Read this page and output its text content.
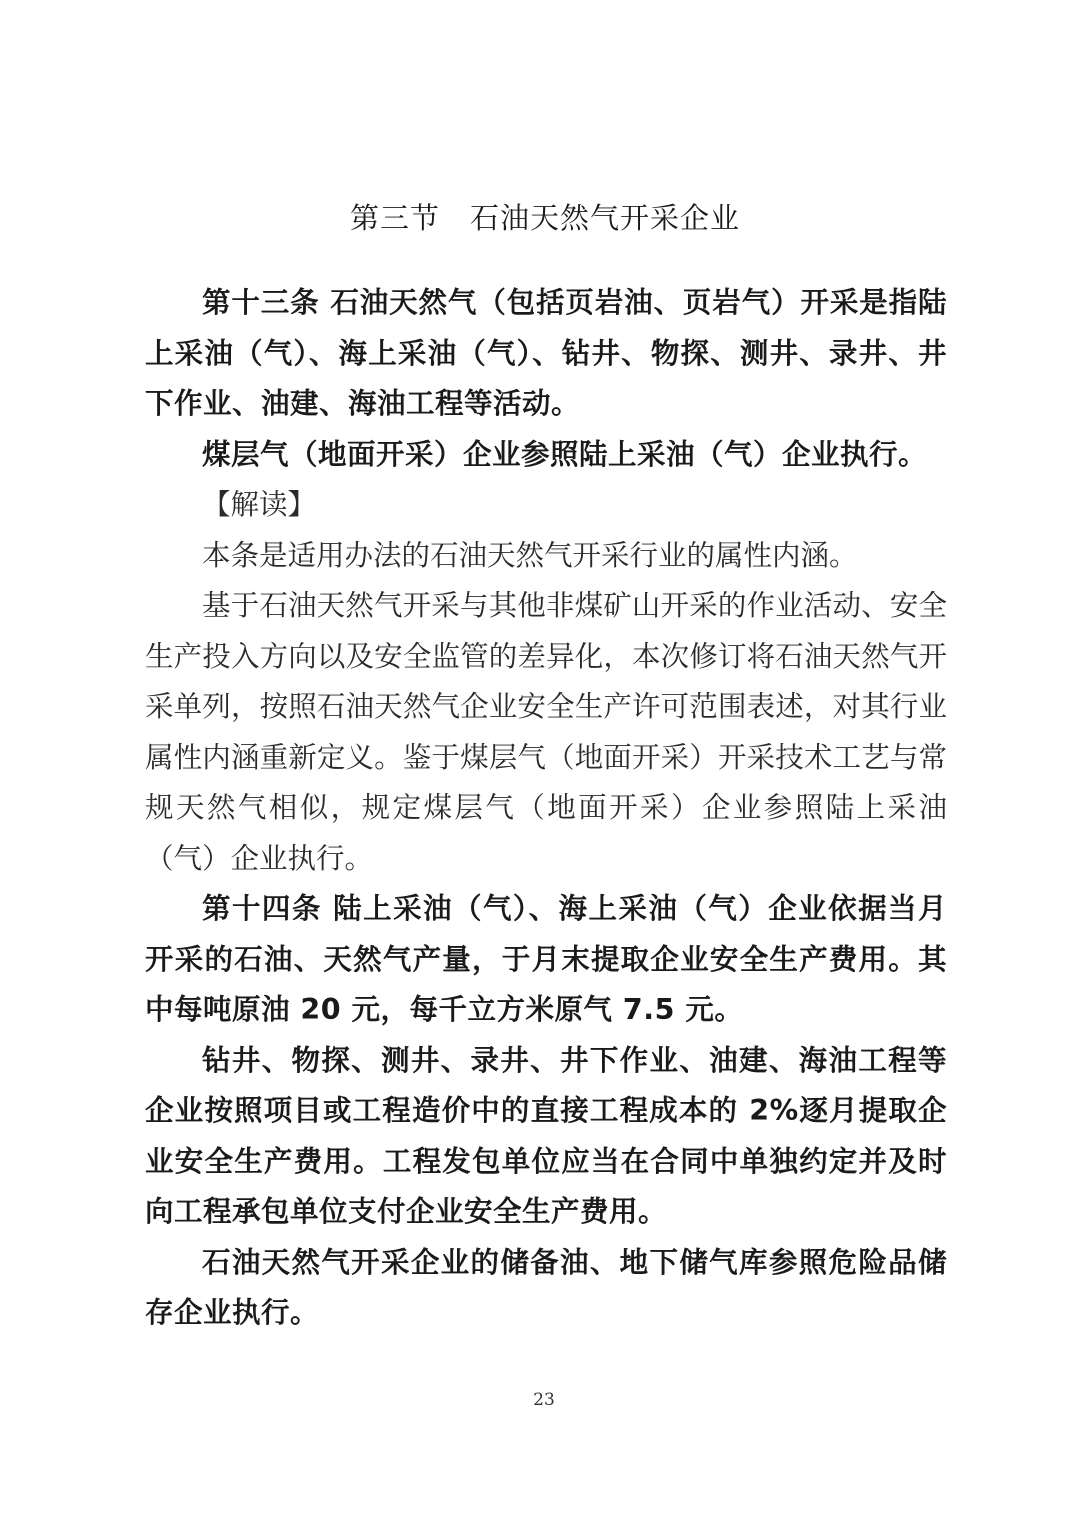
第三节　石油天然气开采企业

第十三条 石油天然气（包括页岩油、页岩气）开采是指陆上采油（气）、海上采油（气）、钻井、物探、测井、录井、井下作业、油建、海油工程等活动。

煤层气（地面开采）企业参照陆上采油（气）企业执行。

【解读】

本条是适用办法的石油天然气开采行业的属性内涵。

基于石油天然气开采与其他非煤矿山开采的作业活动、安全生产投入方向以及安全监管的差异化，本次修订将石油天然气开采单列，按照石油天然气企业安全生产许可范围表述，对其行业属性内涵重新定义。鉴于煤层气（地面开采）开采技术工艺与常规天然气相似，规定煤层气（地面开采）企业参照陆上采油（气）企业执行。

第十四条 陆上采油（气）、海上采油（气）企业依据当月开采的石油、天然气产量，于月末提取企业安全生产费用。其中每吨原油 20 元，每千立方米原气 7.5 元。

钻井、物探、测井、录井、井下作业、油建、海油工程等企业按照项目或工程造价中的直接工程成本的 2%逐月提取企业安全生产费用。工程发包单位应当在合同中单独约定并及时向工程承包单位支付企业安全生产费用。

石油天然气开采企业的储备油、地下储气库参照危险品储存企业执行。

23
